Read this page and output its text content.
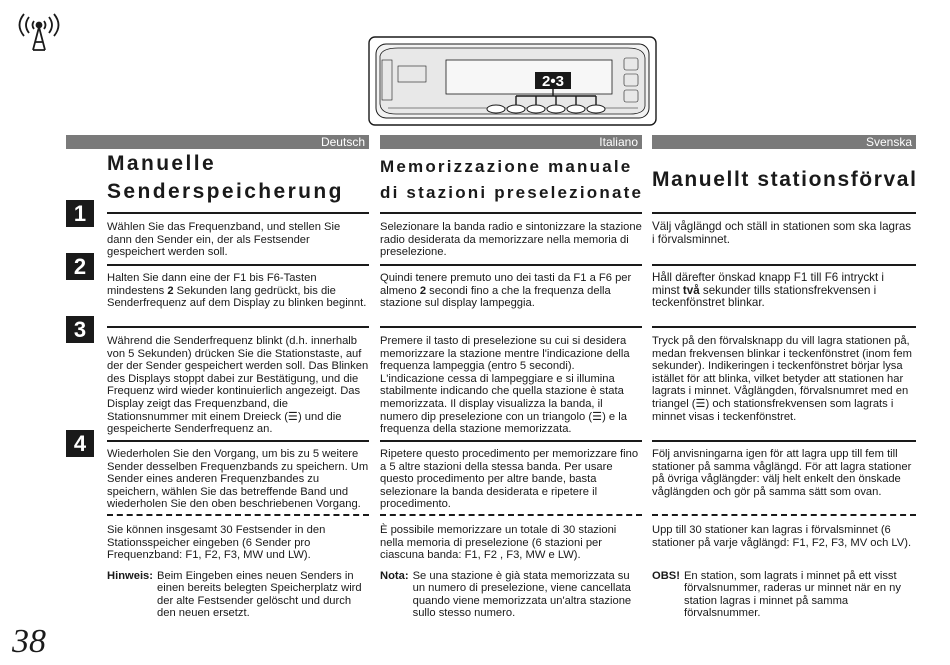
2•3
Deutsch	Italiano	Svenska
1
2
3
4
Manuelle
Senderspeicherung
Memorizzazione manuale
di stazioni preselezionate
Manuellt stationsförval
Wählen Sie das Frequenzband, und stellen Sie dann den Sender ein, der als Festsender gespeichert werden soll.
Halten Sie dann eine der F1 bis F6-Tasten mindestens 2 Sekunden lang gedrückt, bis die Senderfrequenz auf dem Display zu blinken beginnt.
Während die Senderfrequenz blinkt (d.h. innerhalb von 5 Sekunden) drücken Sie die Stationstaste, auf der der Sender gespeichert werden soll. Das Blinken des Displays stoppt dabei zur Bestätigung, und die Frequenz wird wieder kontinuierlich angezeigt. Das Display zeigt das Frequenzband, die Stationsnummer mit einem Dreieck (☰) und die gespeicherte Senderfrequenz an.
Wiederholen Sie den Vorgang, um bis zu 5 weitere Sender desselben Frequenzbands zu speichern. Um Sender eines anderen Frequenzbandes zu speichern, wählen Sie das betreffende Band und wiederholen Sie den oben beschriebenen Vorgang.
Sie können insgesamt 30 Festsender in den Stationsspeicher eingeben (6 Sender pro Frequenzband: F1, F2, F3, MW und LW).
Hinweis: Beim Eingeben eines neuen Senders in einen bereits belegten Speicherplatz wird der alte Festsender gelöscht und durch den neuen ersetzt.
Selezionare la banda radio e sintonizzare la stazione radio desiderata da memorizzare nella memoria di preselezione.
Quindi tenere premuto uno dei tasti da F1 a F6 per almeno 2 secondi fino a che la frequenza della stazione sul display lampeggia.
Premere il tasto di preselezione su cui si desidera memorizzare la stazione mentre l'indicazione della frequenza lampeggia (entro 5 secondi). L'indicazione cessa di lampeggiare e si illumina stabilmente indicando che quella stazione è stata memorizzata. Il display visualizza la banda, il numero dip preselezione con un triangolo (☰) e la frequenza della stazione memorizzata.
Ripetere questo procedimento per memorizzare fino a 5 altre stazioni della stessa banda. Per usare questo procedimento per altre bande, basta selezionare la banda desiderata e ripetere il procedimento.
È possibile memorizzare un totale di 30 stazioni nella memoria di preselezione (6 stazioni per ciascuna banda: F1, F2 , F3, MW e LW).
Nota: Se una stazione è già stata memorizzata su un numero di preselezione, viene cancellata quando viene memorizzata un'altra stazione sullo stesso numero.
Välj våglängd och ställ in stationen som ska lagras i förvalsminnet.
Håll därefter önskad knapp F1 till F6 intryckt i minst två sekunder tills stationsfrekvensen i teckenfönstret blinkar.
Tryck på den förvalsknapp du vill lagra stationen på, medan frekvensen blinkar i teckenfönstret (inom fem sekunder). Indikeringen i teckenfönstret börjar lysa istället för att blinka, vilket betyder att stationen har lagrats i minnet. Våglängden, förvalsnumret med en triangel (☰) och stationsfrekvensen som lagrats i minnet visas i teckenfönstret.
Följ anvisningarna igen för att lagra upp till fem till stationer på samma våglängd. För att lagra stationer på övriga våglängder: välj helt enkelt den önskade våglängden och gör på samma sätt som ovan.
Upp till 30 stationer kan lagras i förvalsminnet (6 stationer på varje våglängd: F1, F2, F3, MV och LV).
OBS! En station, som lagrats i minnet på ett visst förvalsnummer, raderas ur minnet när en ny station lagras i minnet på samma förvalsnummer.
38
